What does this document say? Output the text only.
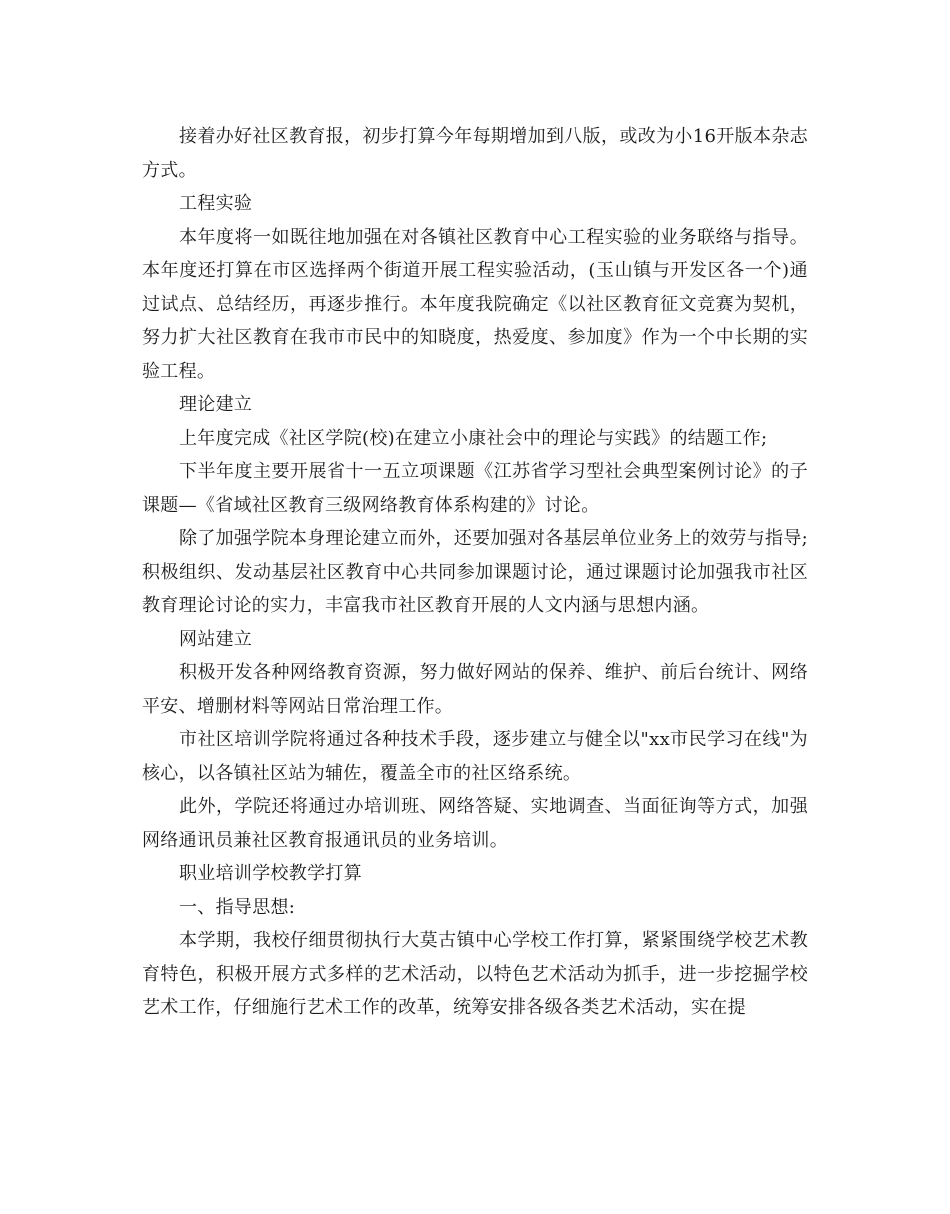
接着办好社区教育报，初步打算今年每期增加到八版，或改为小16开版本杂志方式。

工程实验

本年度将一如既往地加强在对各镇社区教育中心工程实验的业务联络与指导。本年度还打算在市区选择两个街道开展工程实验活动，(玉山镇与开发区各一个)通过试点、总结经历，再逐步推行。本年度我院确定《以社区教育征文竞赛为契机，努力扩大社区教育在我市市民中的知晓度，热爱度、参加度》作为一个中长期的实验工程。

理论建立

上年度完成《社区学院(校)在建立小康社会中的理论与实践》的结题工作;

下半年度主要开展省十一五立项课题《江苏省学习型社会典型案例讨论》的子课题—《省域社区教育三级网络教育体系构建的》讨论。

除了加强学院本身理论建立而外，还要加强对各基层单位业务上的效劳与指导;积极组织、发动基层社区教育中心共同参加课题讨论，通过课题讨论加强我市社区教育理论讨论的实力，丰富我市社区教育开展的人文内涵与思想内涵。

网站建立

积极开发各种网络教育资源，努力做好网站的保养、维护、前后台统计、网络平安、增删材料等网站日常治理工作。

市社区培训学院将通过各种技术手段，逐步建立与健全以"xx市民学习在线"为核心，以各镇社区站为辅佐，覆盖全市的社区络系统。

此外，学院还将通过办培训班、网络答疑、实地调查、当面征询等方式，加强网络通讯员兼社区教育报通讯员的业务培训。

职业培训学校教学打算

一、指导思想:

本学期，我校仔细贯彻执行大莫古镇中心学校工作打算，紧紧围绕学校艺术教育特色，积极开展方式多样的艺术活动，以特色艺术活动为抓手，进一步挖掘学校艺术工作，仔细施行艺术工作的改革，统筹安排各级各类艺术活动，实在提
